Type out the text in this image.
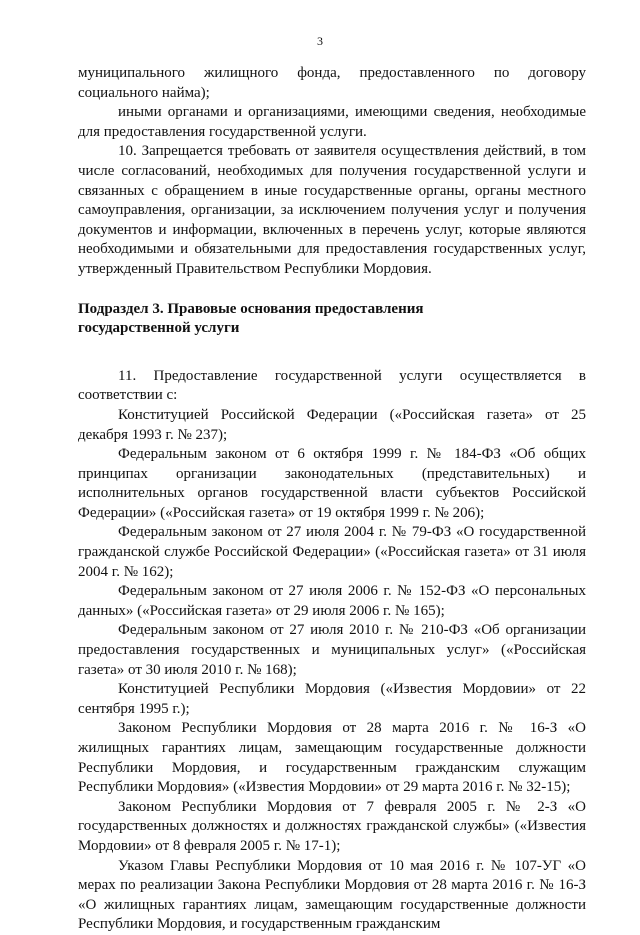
3

муниципального жилищного фонда, предоставленного по договору социального найма);

иными органами и организациями, имеющими сведения, необходимые для предоставления государственной услуги.

10. Запрещается требовать от заявителя осуществления действий, в том числе согласований, необходимых для получения государственной услуги и связанных с обращением в иные государственные органы, органы местного самоуправления, организации, за исключением получения услуг и получения документов и информации, включенных в перечень услуг, которые являются необходимыми и обязательными для предоставления государственных услуг, утвержденный Правительством Республики Мордовия.

Подраздел 3. Правовые основания предоставления
государственной услуги

11. Предоставление государственной услуги осуществляется в соответствии с:

Конституцией Российской Федерации («Российская газета» от 25 декабря 1993 г. № 237);

Федеральным законом от 6 октября 1999 г. № 184-ФЗ «Об общих принципах организации законодательных (представительных) и исполнительных органов государственной власти субъектов Российской Федерации» («Российская газета» от 19 октября 1999 г. № 206);

Федеральным законом от 27 июля 2004 г. № 79-ФЗ «О государственной гражданской службе Российской Федерации» («Российская газета» от 31 июля 2004 г. № 162);

Федеральным законом от 27 июля 2006 г. № 152-ФЗ «О персональных данных» («Российская газета» от 29 июля 2006 г. № 165);

Федеральным законом от 27 июля 2010 г. № 210-ФЗ «Об организации предоставления государственных и муниципальных услуг» («Российская газета» от 30 июля 2010 г. № 168);

Конституцией Республики Мордовия («Известия Мордовии» от 22 сентября 1995 г.);

Законом Республики Мордовия от 28 марта 2016 г. № 16-З «О жилищных гарантиях лицам, замещающим государственные должности Республики Мордовия, и государственным гражданским служащим Республики Мордовия» («Известия Мордовии» от 29 марта 2016 г. № 32-15);

Законом Республики Мордовия от 7 февраля 2005 г. № 2-З «О государственных должностях и должностях гражданской службы» («Известия Мордовии» от 8 февраля 2005 г. № 17-1);

Указом Главы Республики Мордовия от 10 мая 2016 г. № 107-УГ «О мерах по реализации Закона Республики Мордовия от 28 марта 2016 г. № 16-З «О жилищных гарантиях лицам, замещающим государственные должности Республики Мордовия, и государственным гражданским
